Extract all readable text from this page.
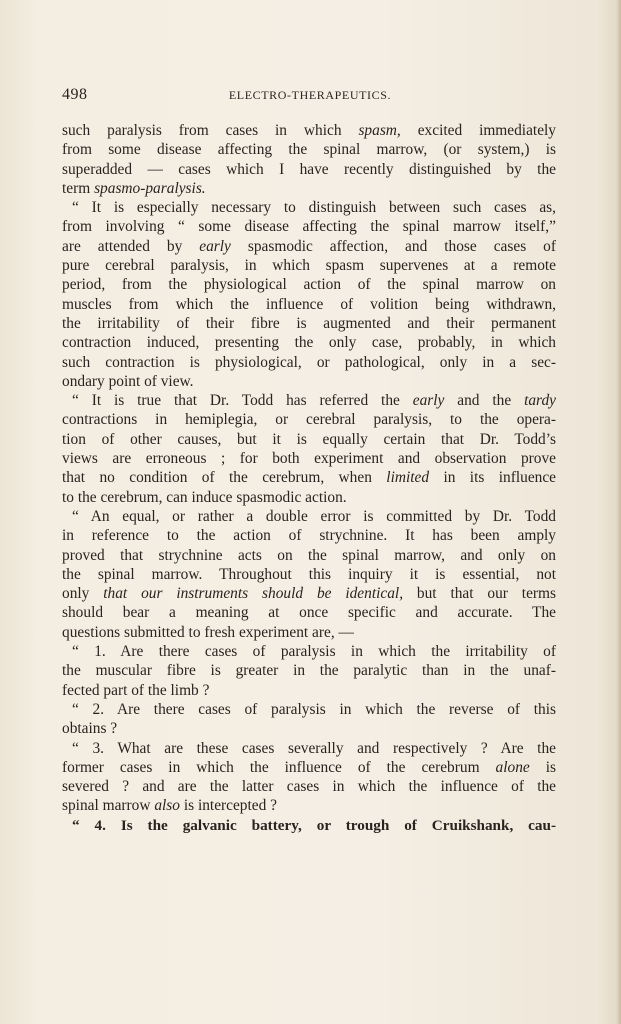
498	ELECTRO-THERAPEUTICS.
such paralysis from cases in which spasm, excited immediately
from some disease affecting the spinal marrow, (or system,) is
superadded — cases which I have recently distinguished by the
term spasmo-paralysis.
“ It is especially necessary to distinguish between such cases as,
from involving “ some disease affecting the spinal marrow itself,”
are attended by early spasmodic affection, and those cases of
pure cerebral paralysis, in which spasm supervenes at a remote
period, from the physiological action of the spinal marrow on
muscles from which the influence of volition being withdrawn,
the irritability of their fibre is augmented and their permanent
contraction induced, presenting the only case, probably, in which
such contraction is physiological, or pathological, only in a sec-
ondary point of view.
“ It is true that Dr. Todd has referred the early and the tardy
contractions in hemiplegia, or cerebral paralysis, to the opera-
tion of other causes, but it is equally certain that Dr. Todd’s
views are erroneous ; for both experiment and observation prove
that no condition of the cerebrum, when limited in its influence
to the cerebrum, can induce spasmodic action.
“ An equal, or rather a double error is committed by Dr. Todd
in reference to the action of strychnine. It has been amply
proved that strychnine acts on the spinal marrow, and only on
the spinal marrow. Throughout this inquiry it is essential, not
only that our instruments should be identical, but that our terms
should bear a meaning at once specific and accurate. The
questions submitted to fresh experiment are, —
“ 1. Are there cases of paralysis in which the irritability of
the muscular fibre is greater in the paralytic than in the unaf-
fected part of the limb ?
“ 2. Are there cases of paralysis in which the reverse of this
obtains ?
“ 3. What are these cases severally and respectively ? Are the
former cases in which the influence of the cerebrum alone is
severed ? and are the latter cases in which the influence of the
spinal marrow also is intercepted ?
“ 4. Is the galvanic battery, or trough of Cruikshank, cau-
